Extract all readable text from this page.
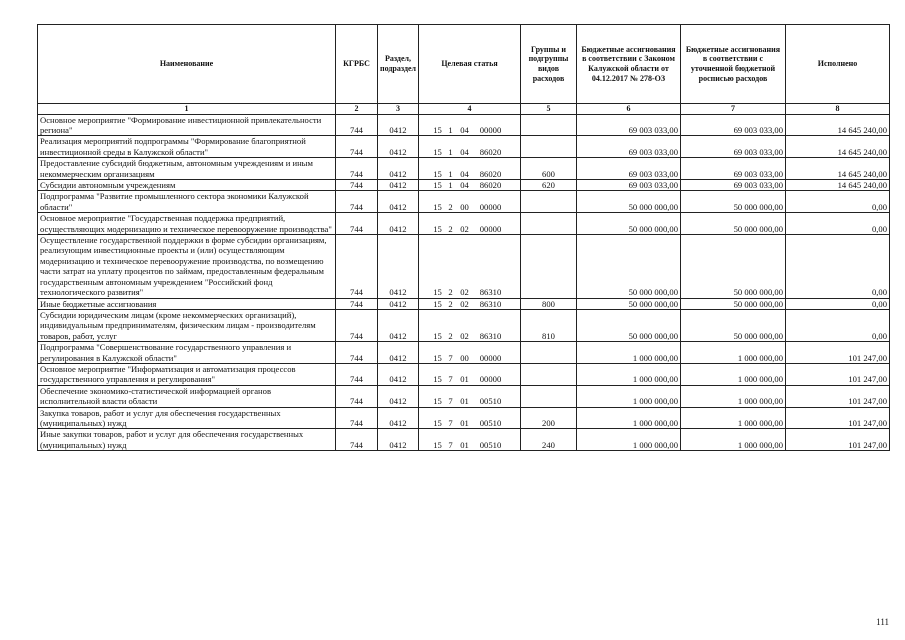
Наименование	КГРБС	Раздел, подраздел	Целевая статья	Группы и подгруппы видов расходов	Бюджетные ассигнования в соответствии с Законом Калужской области от 04.12.2017 № 278-ОЗ	Бюджетные ассигнования в соответствии с уточненной бюджетной росписью расходов	Исполнено
1	2	3	4	5	6	7	8
Основное мероприятие "Формирование инвестиционной привлекательности региона"	744	0412	15 1 04 00000		69 003 033,00	69 003 033,00	14 645 240,00
Реализация мероприятий подпрограммы "Формирование благоприятной инвестиционной среды в Калужской области"	744	0412	15 1 04 86020		69 003 033,00	69 003 033,00	14 645 240,00
Предоставление субсидий бюджетным, автономным учреждениям и иным некоммерческим организациям	744	0412	15 1 04 86020	600	69 003 033,00	69 003 033,00	14 645 240,00
Субсидии автономным учреждениям	744	0412	15 1 04 86020	620	69 003 033,00	69 003 033,00	14 645 240,00
Подпрограмма "Развитие промышленного сектора экономики Калужской области"	744	0412	15 2 00 00000		50 000 000,00	50 000 000,00	0,00
Основное мероприятие "Государственная поддержка предприятий, осуществляющих модернизацию и техническое перевооружение производства"	744	0412	15 2 02 00000		50 000 000,00	50 000 000,00	0,00
Осуществление государственной поддержки в форме субсидии организациям, реализующим инвестиционные проекты и (или) осуществляющим модернизацию и техническое перевооружение производства, по возмещению части затрат на уплату процентов по займам, предоставленным федеральным государственным автономным учреждением "Российский фонд технологического развития"	744	0412	15 2 02 86310		50 000 000,00	50 000 000,00	0,00
Иные бюджетные ассигнования	744	0412	15 2 02 86310	800	50 000 000,00	50 000 000,00	0,00
Субсидии юридическим лицам (кроме некоммерческих организаций), индивидуальным предпринимателям, физическим лицам - производителям товаров, работ, услуг	744	0412	15 2 02 86310	810	50 000 000,00	50 000 000,00	0,00
Подпрограмма "Совершенствование государственного управления и регулирования в Калужской области"	744	0412	15 7 00 00000		1 000 000,00	1 000 000,00	101 247,00
Основное мероприятие "Информатизация и автоматизация процессов государственного управления и регулирования"	744	0412	15 7 01 00000		1 000 000,00	1 000 000,00	101 247,00
Обеспечение экономико-статистической информацией органов исполнительной власти области	744	0412	15 7 01 00510		1 000 000,00	1 000 000,00	101 247,00
Закупка товаров, работ и услуг для обеспечения государственных (муниципальных) нужд	744	0412	15 7 01 00510	200	1 000 000,00	1 000 000,00	101 247,00
Иные закупки товаров, работ и услуг для обеспечения государственных (муниципальных) нужд	744	0412	15 7 01 00510	240	1 000 000,00	1 000 000,00	101 247,00
111
